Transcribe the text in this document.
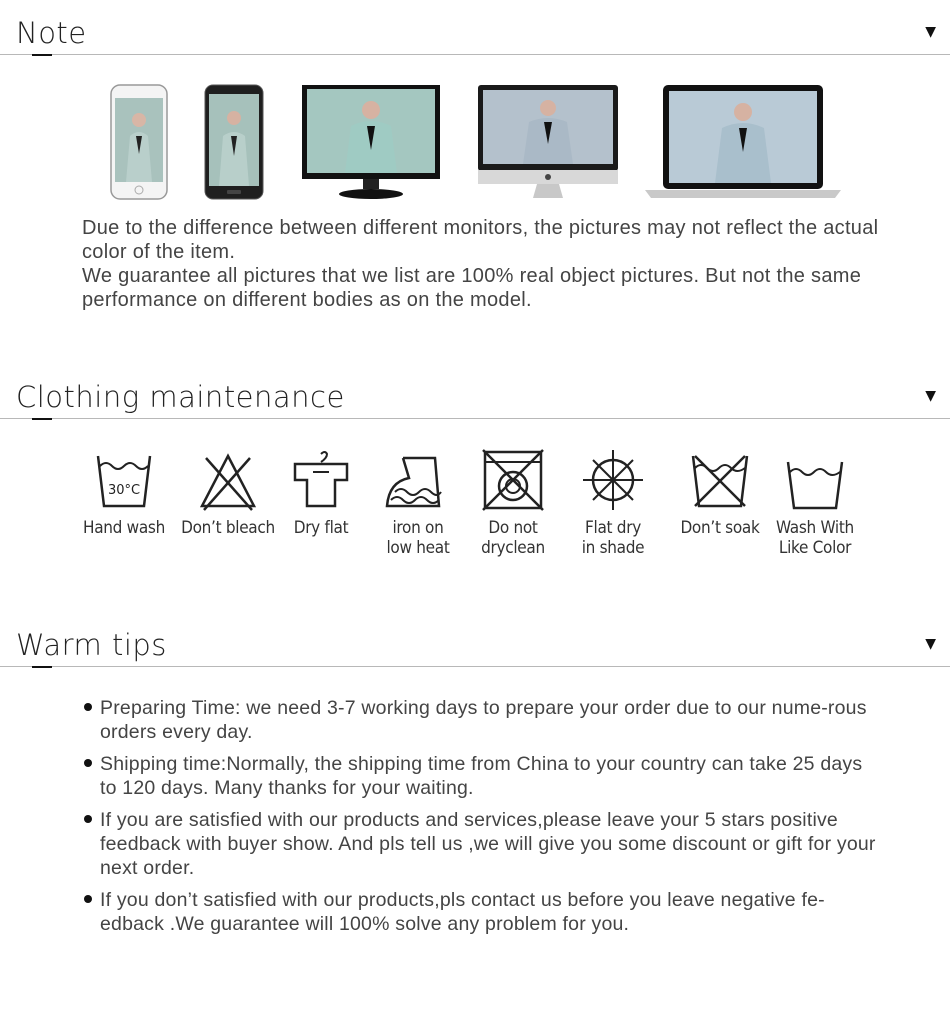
Note	▼

Due to the difference between different monitors, the pictures may not reflect the actual color of the item.

We guarantee all pictures that we list are 100% real object pictures. But not the same performance on different bodies as on the model.

Clothing maintenance	▼
30°C
Hand wash Don’t bleach	Dry flat	iron on
low heat
Do not
dryclean
Flat dry
in shade
Don’t soak Wash With
Like Color
Warm tips	▼
Preparing Time: we need 3-7 working days to prepare your order due to our nume-rous orders every day.
Shipping time:Normally, the shipping time from China to your country can take 25 days to 120 days. Many thanks for your waiting.
If you are satisfied with our products and services,please leave your 5 stars positive feedback with buyer show. And pls tell us ,we will give you some discount or gift for your next order.
If you don’t satisfied with our products,pls contact us before you leave negative fe-edback .We guarantee will 100% solve any problem for you.
